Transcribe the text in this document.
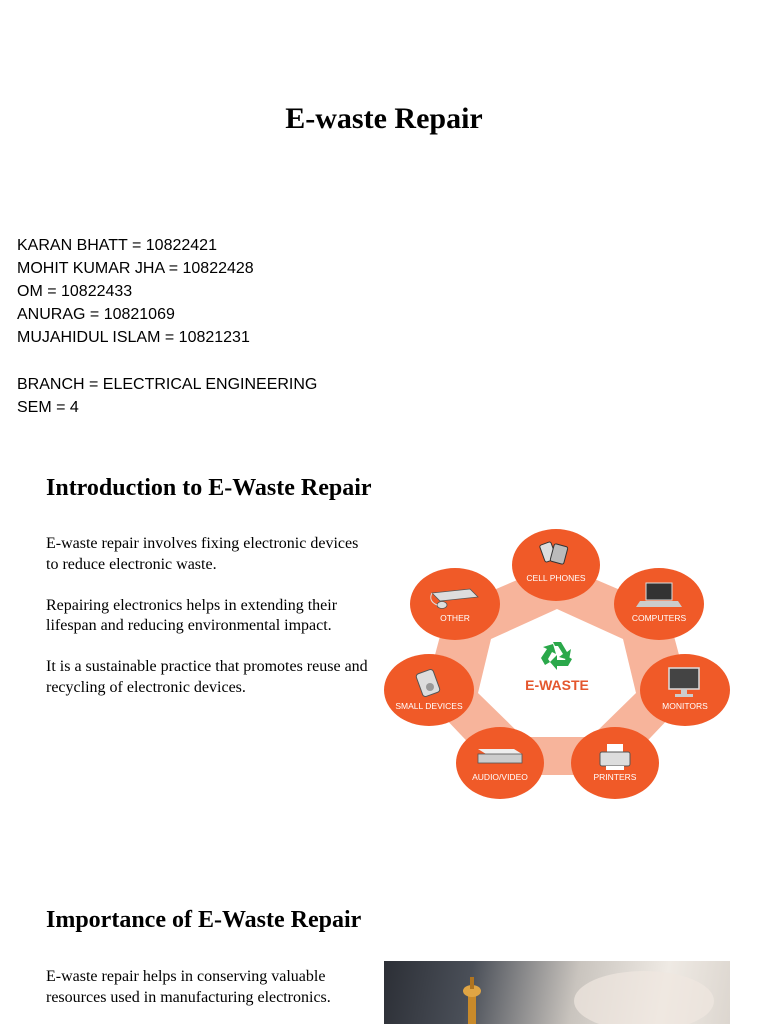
E-waste Repair
KARAN BHATT = 10822421
MOHIT KUMAR JHA = 10822428
OM = 10822433
ANURAG = 10821069
MUJAHIDUL ISLAM = 10821231
BRANCH = ELECTRICAL ENGINEERING
SEM = 4
Introduction to E-Waste Repair

E-waste repair involves fixing electronic devices to reduce electronic waste.

Repairing electronics helps in extending their lifespan and reducing environmental impact.

It is a sustainable practice that promotes reuse and recycling of electronic devices.	E-WASTE
CELL PHONES
COMPUTERS
MONITORS
PRINTERS
AUDIO/VIDEO
SMALL DEVICES
OTHER
Importance of E-Waste Repair
E-waste repair helps in conserving valuable resources used in manufacturing electronics.
